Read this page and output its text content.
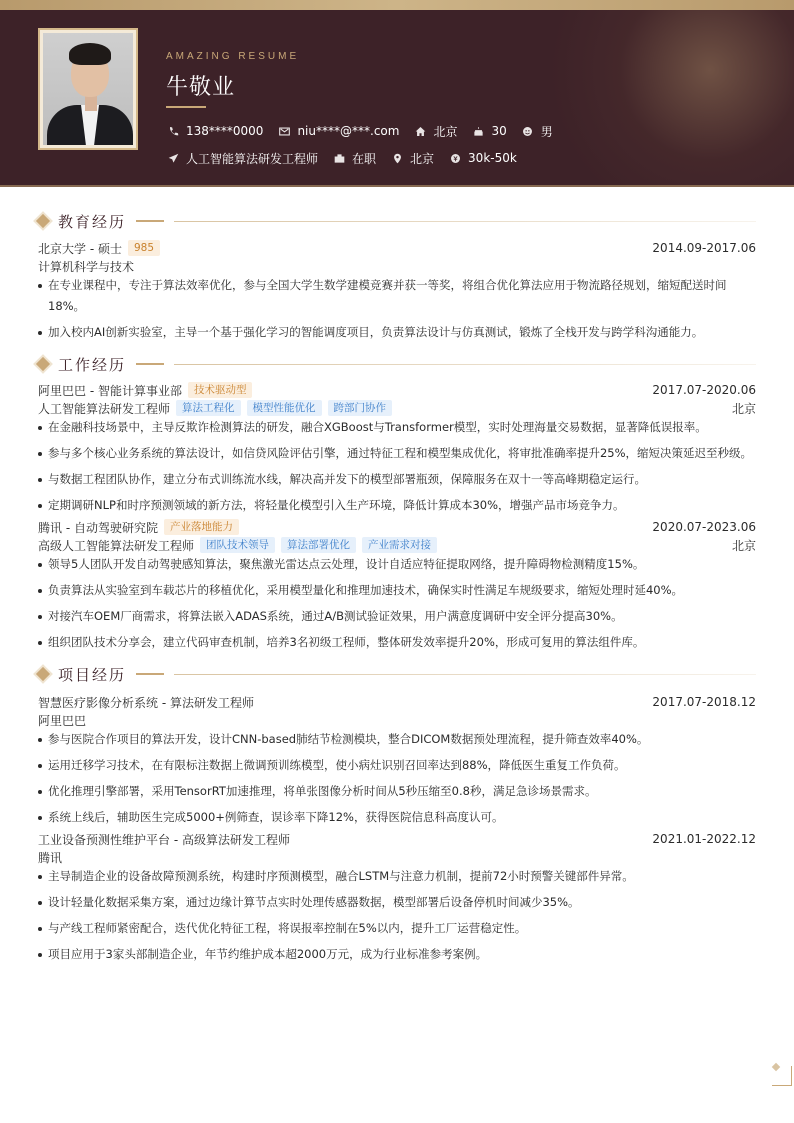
AMAZING RESUME
牛敬业
138****0000	niu****@***.com	北京	30	男
人工智能算法研发工程师	在职	北京	30k-50k
教育经历
北京大学 - 硕士	985	2014.09-2017.06
计算机科学与技术
在专业课程中，专注于算法效率优化，参与全国大学生数学建模竞赛并获一等奖，将组合优化算法应用于物流路径规划，缩短配送时间18%。
加入校内AI创新实验室，主导一个基于强化学习的智能调度项目，负责算法设计与仿真测试，锻炼了全栈开发与跨学科沟通能力。
工作经历
阿里巴巴 - 智能计算事业部	技术驱动型	2017.07-2020.06
人工智能算法研发工程师	算法工程化	模型性能优化	跨部门协作	北京
在金融科技场景中，主导反欺诈检测算法的研发，融合XGBoost与Transformer模型，实时处理海量交易数据，显著降低误报率。
参与多个核心业务系统的算法设计，如信贷风险评估引擎，通过特征工程和模型集成优化，将审批准确率提升25%，缩短决策延迟至秒级。
与数据工程团队协作，建立分布式训练流水线，解决高并发下的模型部署瓶颈，保障服务在双十一等高峰期稳定运行。
定期调研NLP和时序预测领域的新方法，将轻量化模型引入生产环境，降低计算成本30%，增强产品市场竞争力。
腾讯 - 自动驾驶研究院	产业落地能力	2020.07-2023.06
高级人工智能算法研发工程师	团队技术领导	算法部署优化	产业需求对接	北京
领导5人团队开发自动驾驶感知算法，聚焦激光雷达点云处理，设计自适应特征提取网络，提升障碍物检测精度15%。
负责算法从实验室到车载芯片的移植优化，采用模型量化和推理加速技术，确保实时性满足车规级要求，缩短处理时延40%。
对接汽车OEM厂商需求，将算法嵌入ADAS系统，通过A/B测试验证效果，用户满意度调研中安全评分提高30%。
组织团队技术分享会，建立代码审查机制，培养3名初级工程师，整体研发效率提升20%，形成可复用的算法组件库。
项目经历
智慧医疗影像分析系统 - 算法研发工程师	2017.07-2018.12
阿里巴巴
参与医院合作项目的算法开发，设计CNN-based肺结节检测模块，整合DICOM数据预处理流程，提升筛查效率40%。
运用迁移学习技术，在有限标注数据上微调预训练模型，使小病灶识别召回率达到88%，降低医生重复工作负荷。
优化推理引擎部署，采用TensorRT加速推理，将单张图像分析时间从5秒压缩至0.8秒，满足急诊场景需求。
系统上线后，辅助医生完成5000+例筛查，误诊率下降12%，获得医院信息科高度认可。
工业设备预测性维护平台 - 高级算法研发工程师	2021.01-2022.12
腾讯
主导制造企业的设备故障预测系统，构建时序预测模型，融合LSTM与注意力机制，提前72小时预警关键部件异常。
设计轻量化数据采集方案，通过边缘计算节点实时处理传感器数据，模型部署后设备停机时间减少35%。
与产线工程师紧密配合，迭代优化特征工程，将误报率控制在5%以内，提升工厂运营稳定性。
项目应用于3家头部制造企业，年节约维护成本超2000万元，成为行业标准参考案例。
